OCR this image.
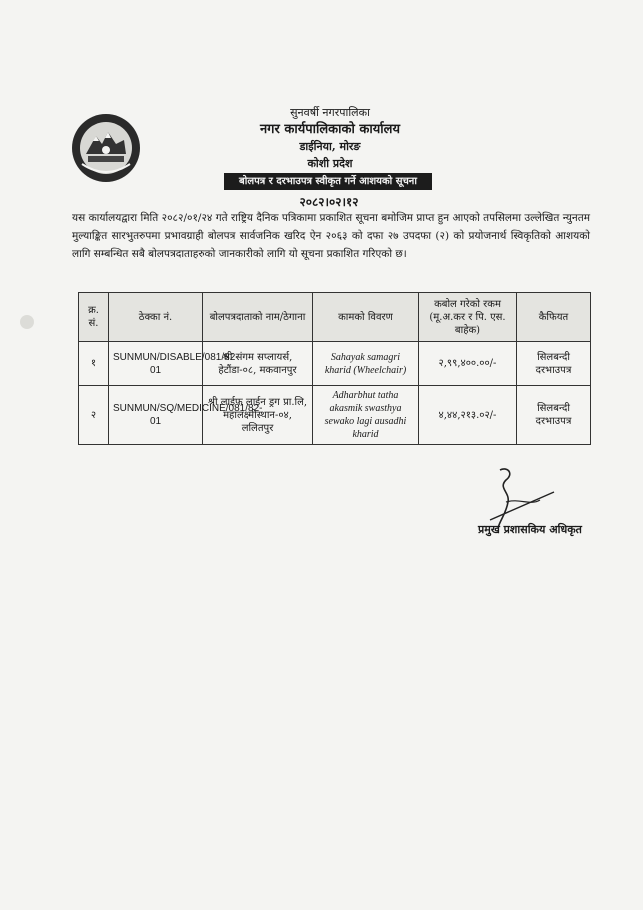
सुनवर्षी नगरपालिका
नगर कार्यपालिकाको कार्यालय
डाईनिया, मोरङ
कोशी प्रदेश
बोलपत्र र दरभाउपत्र स्वीकृत गर्ने आशयको सूचना
२०८२।०२।१२
यस कार्यालयद्वारा मिति २०८२/०१/२४ गते राष्ट्रिय दैनिक पत्रिकामा प्रकाशित सूचना बमोजिम प्राप्त हुन आएको तपसिलमा उल्लेखित न्युनतम मुल्याङ्कित सारभुतरुपमा प्रभावग्राही बोलपत्र सार्वजनिक खरिद ऐन २०६३ को दफा २७ उपदफा (२) को प्रयोजनार्थ स्विकृतिको आशयको लागि सम्बन्धित सबै बोलपत्रदाताहरुको जानकारीको लागि यो सूचना प्रकाशित गरिएको छ।
क्र. सं.	ठेक्का नं.	बोलपत्रदाताको नाम/ठेगाना	कामको विवरण	कबोल गरेको रकम (मू.अ.कर र पि. एस. बाहेक)	कैफियत
१	SUNMUN/DISABLE/081/82-01	श्री संगम सप्लायर्स, हेटौंडा-०८, मकवानपुर	Sahayak samagri kharid (Wheelchair)	२,९९,४००.००/-	सिलबन्दी दरभाउपत्र
२	SUNMUN/SQ/MEDICINE/081/82-01	श्री लाईफ लाईन ड्रग प्रा.लि, महालक्ष्मीस्थान-०४, ललितपुर	Adharbhut tatha akasmik swasthya sewako lagi ausadhi kharid	४,४४,२१३.०२/-	सिलबन्दी दरभाउपत्र
प्रमुख प्रशासकिय अधिकृत
